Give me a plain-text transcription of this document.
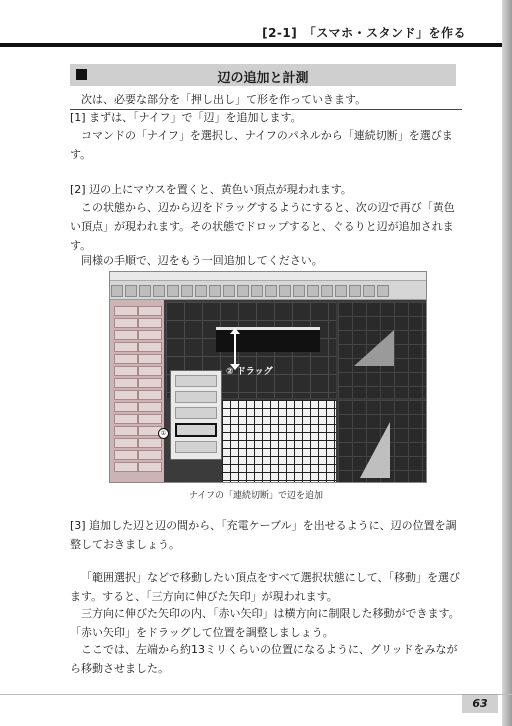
[2-1]　「スマホ・スタンド」を作る
辺の追加と計測

次は、必要な部分を「押し出し」て形を作っていきます。

[1] まずは、「ナイフ」で「辺」を追加します。

コマンドの「ナイフ」を選択し、ナイフのパネルから「連続切断」を選びます。

[2] 辺の上にマウスを置くと、黄色い頂点が現われます。

この状態から、辺から辺をドラッグするようにすると、次の辺で再び「黄色い頂点」が現われます。その状態でドロップすると、ぐるりと辺が追加されます。

同様の手順で、辺をもう一回追加してください。

② ドラッグ
①
ナイフの「連続切断」で辺を追加

[3] 追加した辺と辺の間から、「充電ケーブル」を出せるように、辺の位置を調整しておきましょう。

「範囲選択」などで移動したい頂点をすべて選択状態にして、「移動」を選びます。すると、「三方向に伸びた矢印」が現われます。

三方向に伸びた矢印の内、「赤い矢印」は横方向に制限した移動ができます。「赤い矢印」をドラッグして位置を調整しましょう。

ここでは、左端から約13ミリくらいの位置になるように、グリッドをみながら移動させました。

63
